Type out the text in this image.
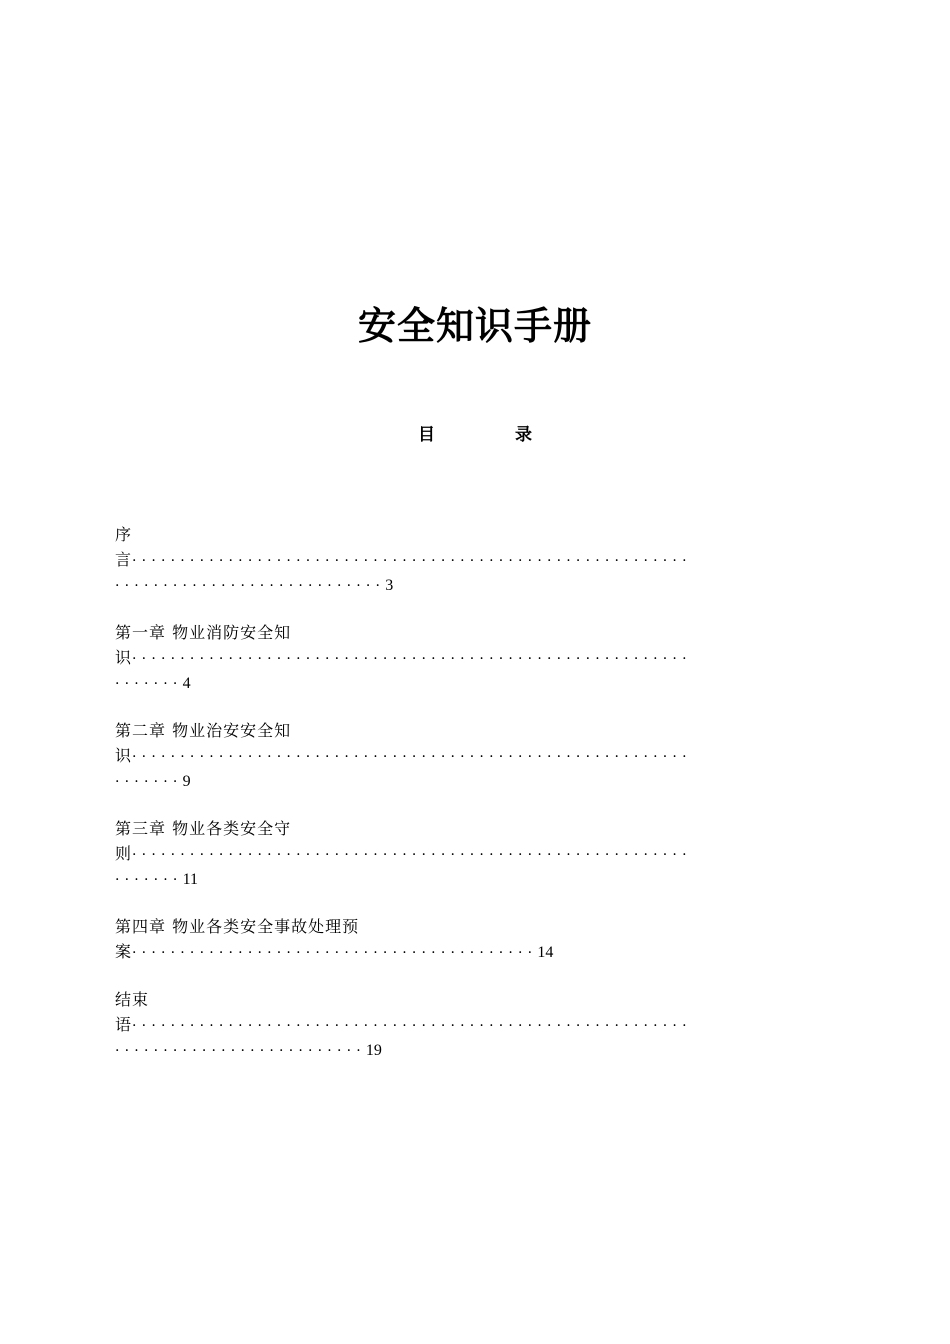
安全知识手册
目	录
序
言··························································
····························3
第一章 物业消防安全知
识··························································
·······4
第二章 物业治安安全知
识··························································
·······9
第三章 物业各类安全守
则··························································
·······11
第四章 物业各类安全事故处理预
案··········································14
结束
语··························································
··························19
